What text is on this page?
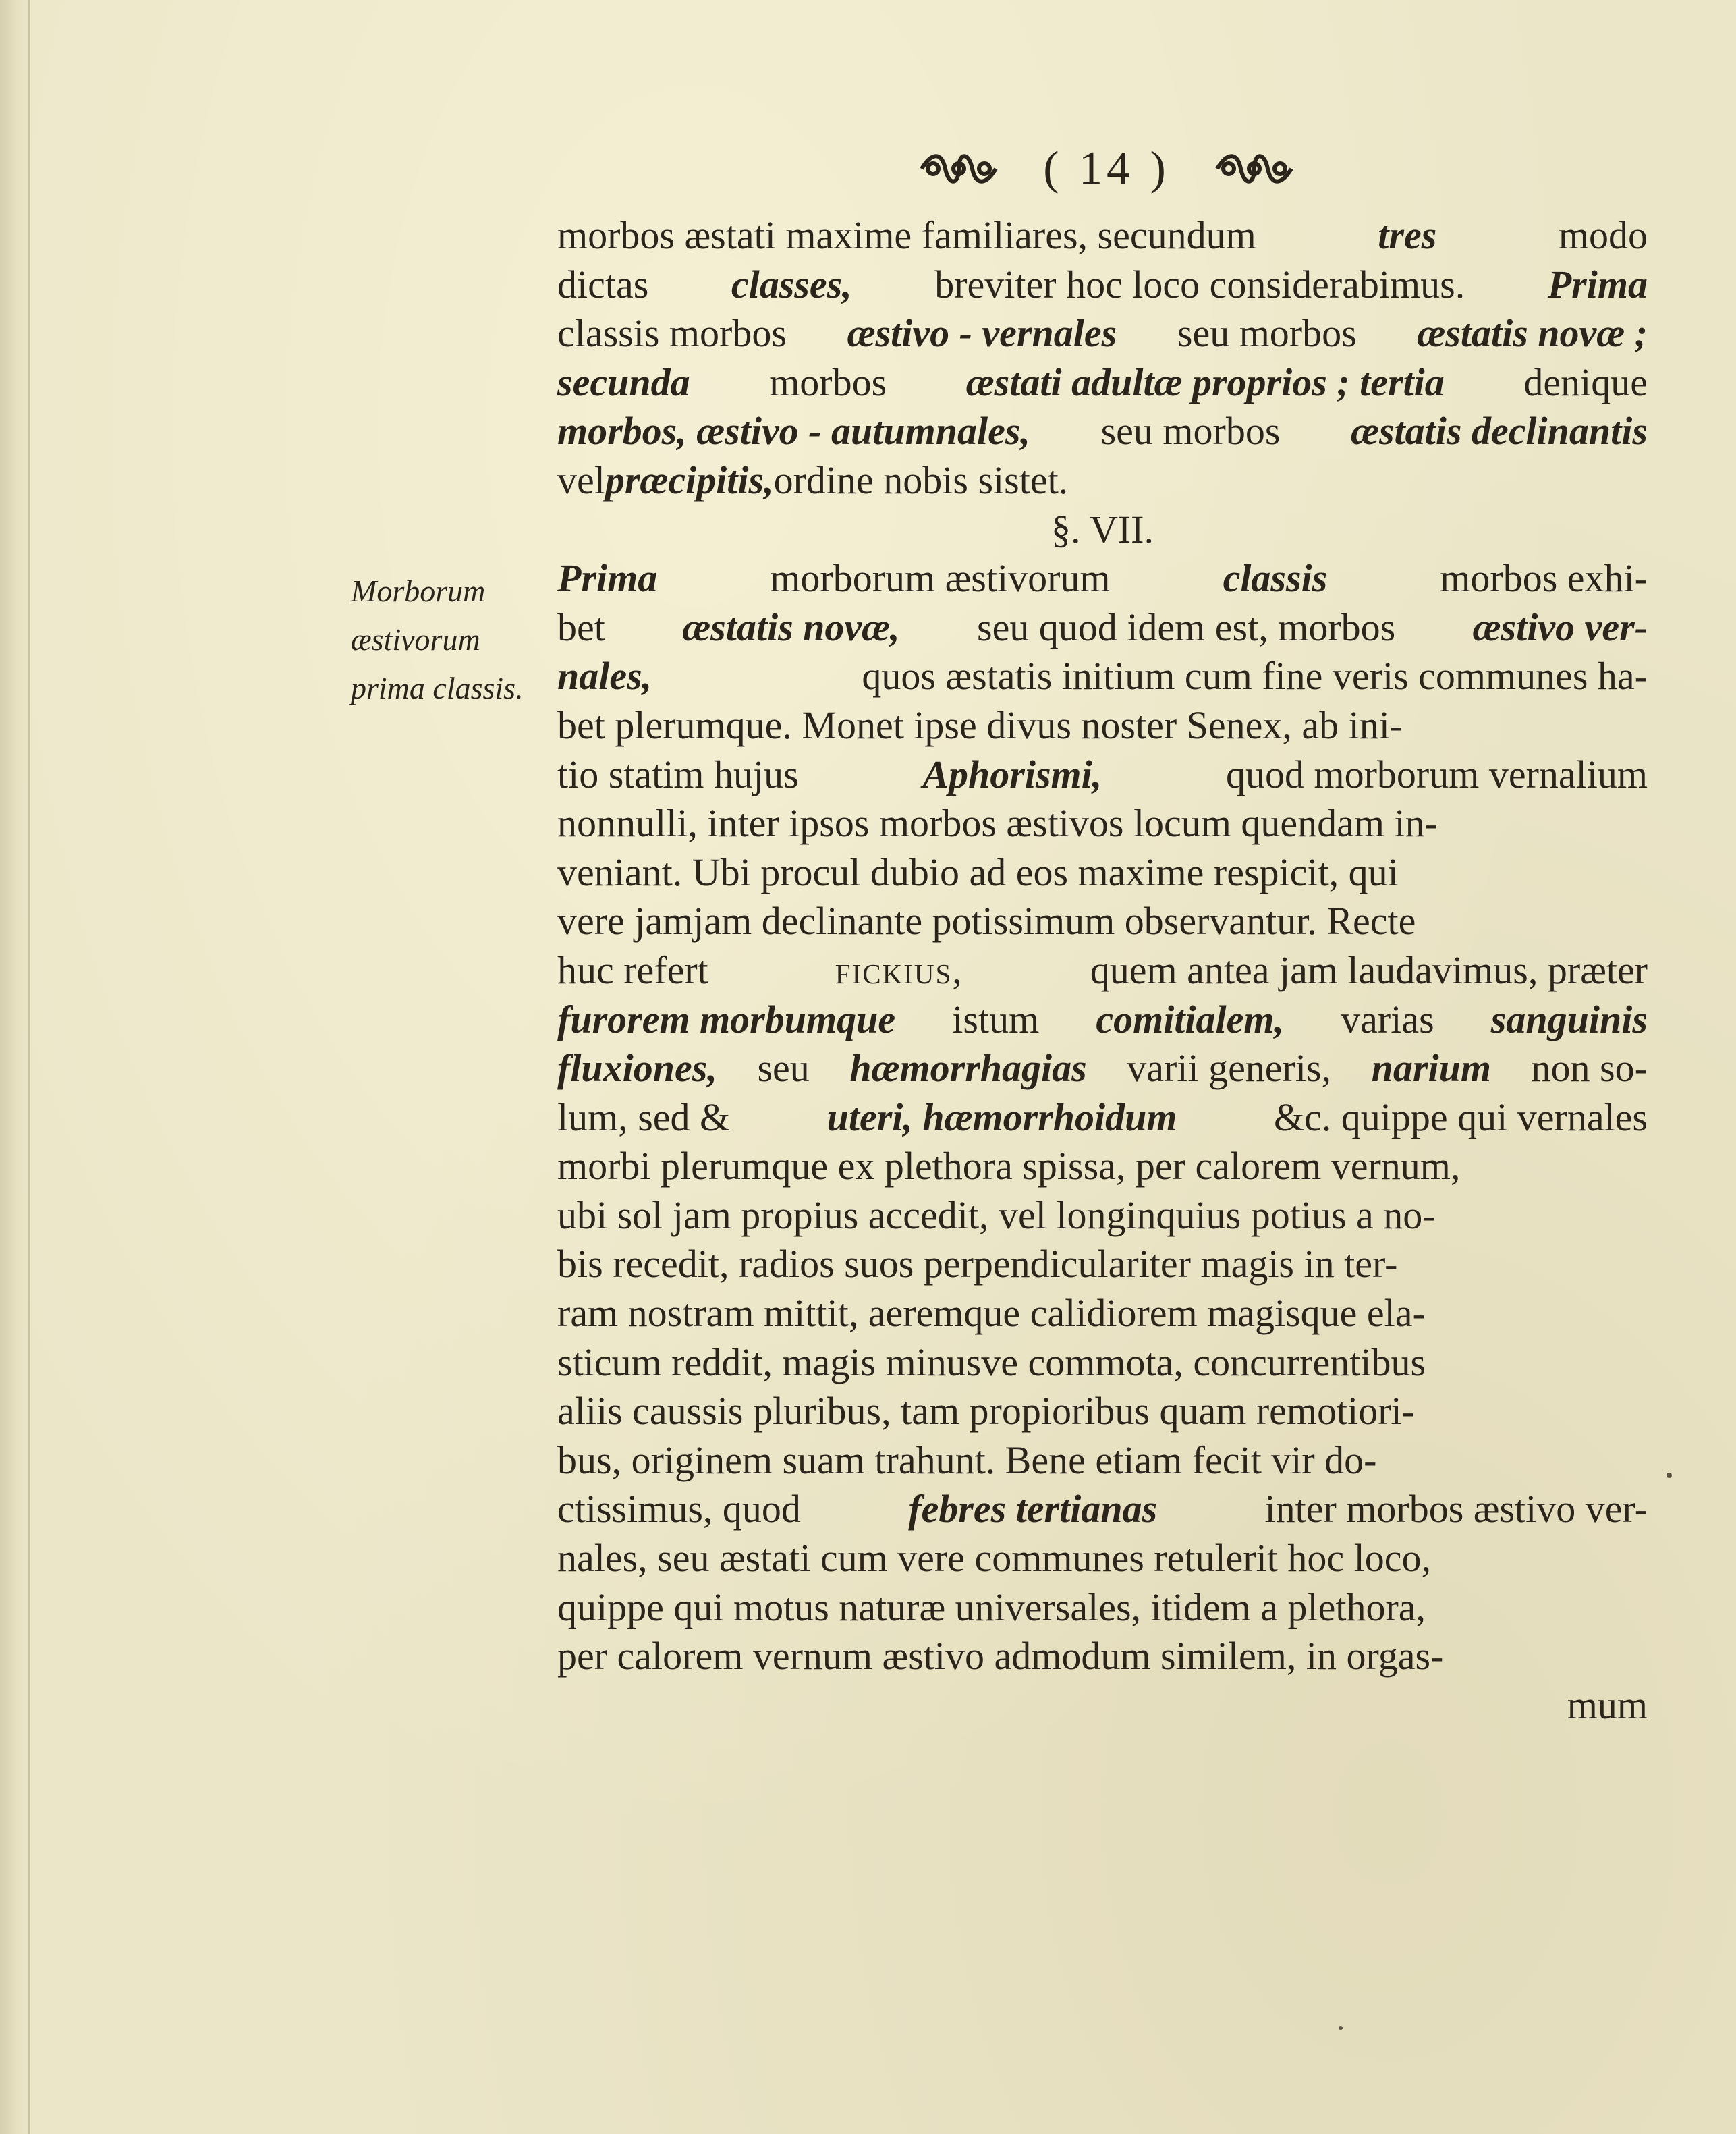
( 14 )
Morborum
æstivorum
prima classis.
morbos æstati maxime familiares, secundum	tres	modo
dictas classes, breviter hoc loco considerabimus. Prima
classis morbos æstivo - vernales seu morbos æstatis novæ ;
secunda morbos æstati adultæ proprios ; tertia denique
morbos, æstivo - autumnales, seu morbos æstatis declinantis
vel præcipitis, ordine nobis sistet.
§. VII.
Prima	morborum æstivorum	classis	morbos exhi-
bet æstatis novæ, seu quod idem est, morbos æstivo ver-
nales,	quos æstatis initium cum fine veris communes ha-
bet plerumque. Monet ipse divus noster Senex, ab ini-
tio statim hujus	Aphorismi,	quod morborum vernalium
nonnulli, inter ipsos morbos æstivos locum quendam in-
veniant. Ubi procul dubio ad eos maxime respicit, qui
vere jamjam declinante potissimum observantur. Recte
huc refert	fickius,	quem antea jam laudavimus, præter
furorem morbumque istum comitialem, varias sanguinis
fluxiones, seu hæmorrhagias varii generis, narium non so-
lum, sed & uteri, hæmorrhoidum &c. quippe qui vernales
morbi plerumque ex plethora spissa, per calorem vernum,
ubi sol jam propius accedit, vel longinquius potius a no-
bis recedit, radios suos perpendiculariter magis in ter-
ram nostram mittit, aeremque calidiorem magisque ela-
sticum reddit, magis minusve commota, concurrentibus
aliis caussis pluribus, tam propioribus quam remotiori-
bus, originem suam trahunt. Bene etiam fecit vir do-
ctissimus, quod	febres tertianas	inter morbos æstivo ver-
nales, seu æstati cum vere communes retulerit hoc loco,
quippe qui motus naturæ universales, itidem a plethora,
per calorem vernum æstivo admodum similem, in orgas-
mum
